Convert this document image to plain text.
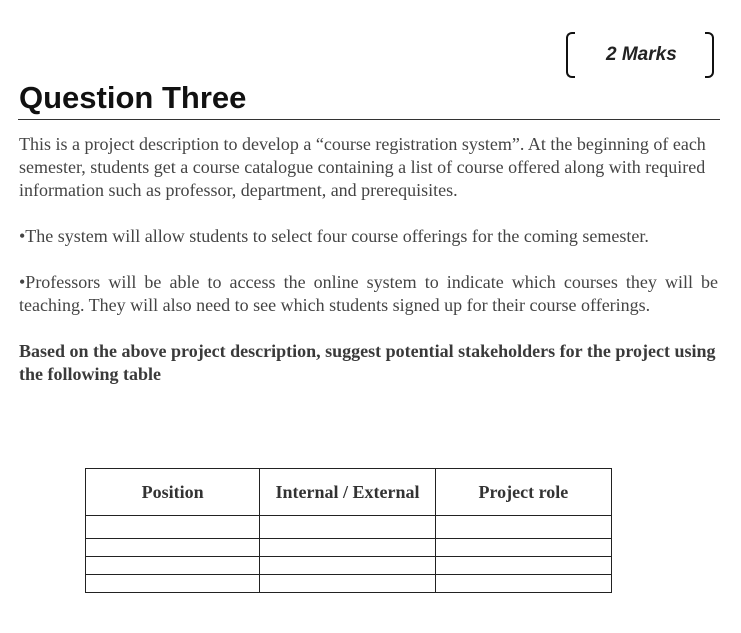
2 Marks
Question Three

This is a project description to develop a “course registration system”. At the beginning of each semester, students get a course catalogue containing a list of course offered along with required information such as professor, department, and prerequisites.

•The system will allow students to select four course offerings for the coming semester.

•Professors will be able to access the online system to indicate which courses they will be teaching. They will also need to see which students signed up for their course offerings.

Based on the above project description, suggest potential stakeholders for the project using the following table

Position	Internal / External	Project role
